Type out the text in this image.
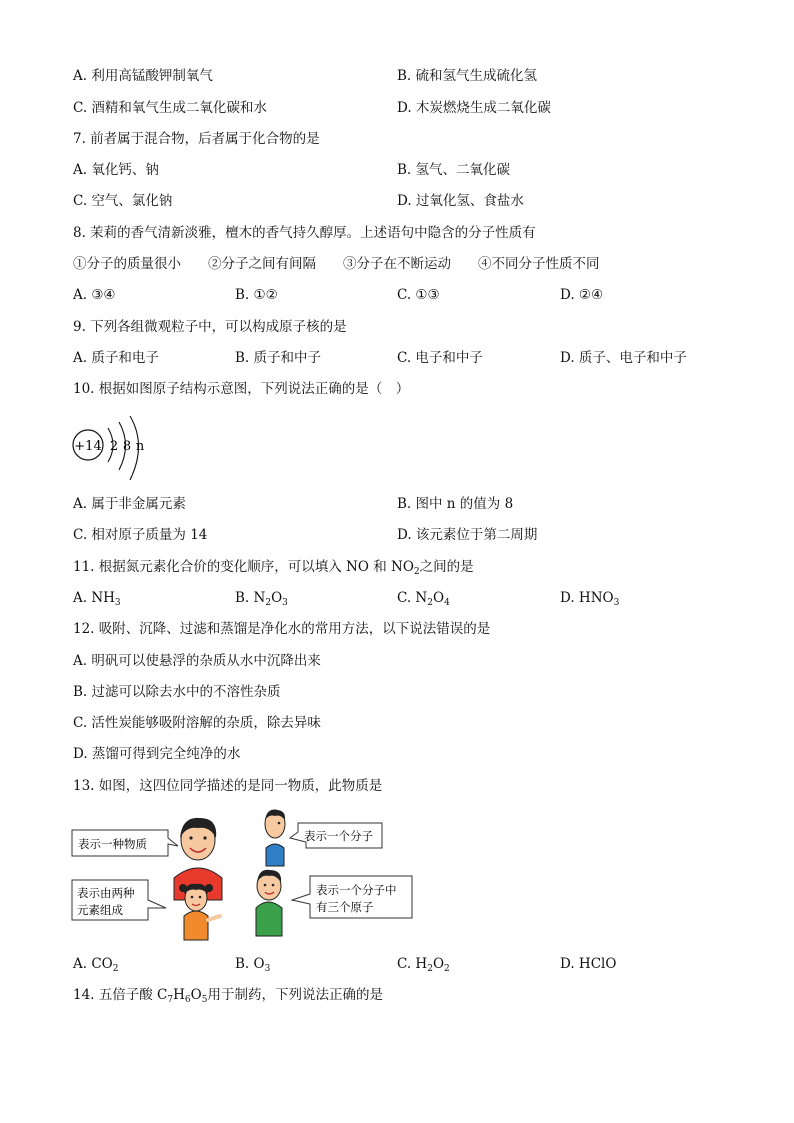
A. 利用高锰酸钾制氧气	B. 硫和氢气生成硫化氢
C. 酒精和氧气生成二氧化碳和水	D. 木炭燃烧生成二氧化碳
7. 前者属于混合物，后者属于化合物的是
A. 氧化钙、钠	B. 氢气、二氧化碳
C. 空气、氯化钠	D. 过氧化氢、食盐水
8. 茉莉的香气清新淡雅，檀木的香气持久醇厚。上述语句中隐含的分子性质有
①分子的质量很小　　②分子之间有间隔　　③分子在不断运动　　④不同分子性质不同
A. ③④	B. ①②	C. ①③	D. ②④
9. 下列各组微观粒子中，可以构成原子核的是
A. 质子和电子	B. 质子和中子	C. 电子和中子	D. 质子、电子和中子
10. 根据如图原子结构示意图，下列说法正确的是（　）
+14 2 8 n
A. 属于非金属元素	B. 图中 n 的值为 8
C. 相对原子质量为 14	D. 该元素位于第二周期
11. 根据氮元素化合价的变化顺序，可以填入 NO 和 $NO_2$之间的是
A. $NH_3$	B. $N_2O_3$	C. $N_2O_4$	D. $HNO_3$
12. 吸附、沉降、过滤和蒸馏是净化水的常用方法，以下说法错误的是
A. 明矾可以使悬浮的杂质从水中沉降出来
B. 过滤可以除去水中的不溶性杂质
C. 活性炭能够吸附溶解的杂质，除去异味
D. 蒸馏可得到完全纯净的水
13. 如图，这四位同学描述的是同一物质，此物质是
表示一种物质
表示一个分子
表示由两种
元素组成
表示一个分子中
有三个原子
A. $CO_2$	B. $O_3$	C. $H_2O_2$	D. HClO
14. 五倍子酸 $C_7H_6O_5$用于制药，下列说法正确的是
